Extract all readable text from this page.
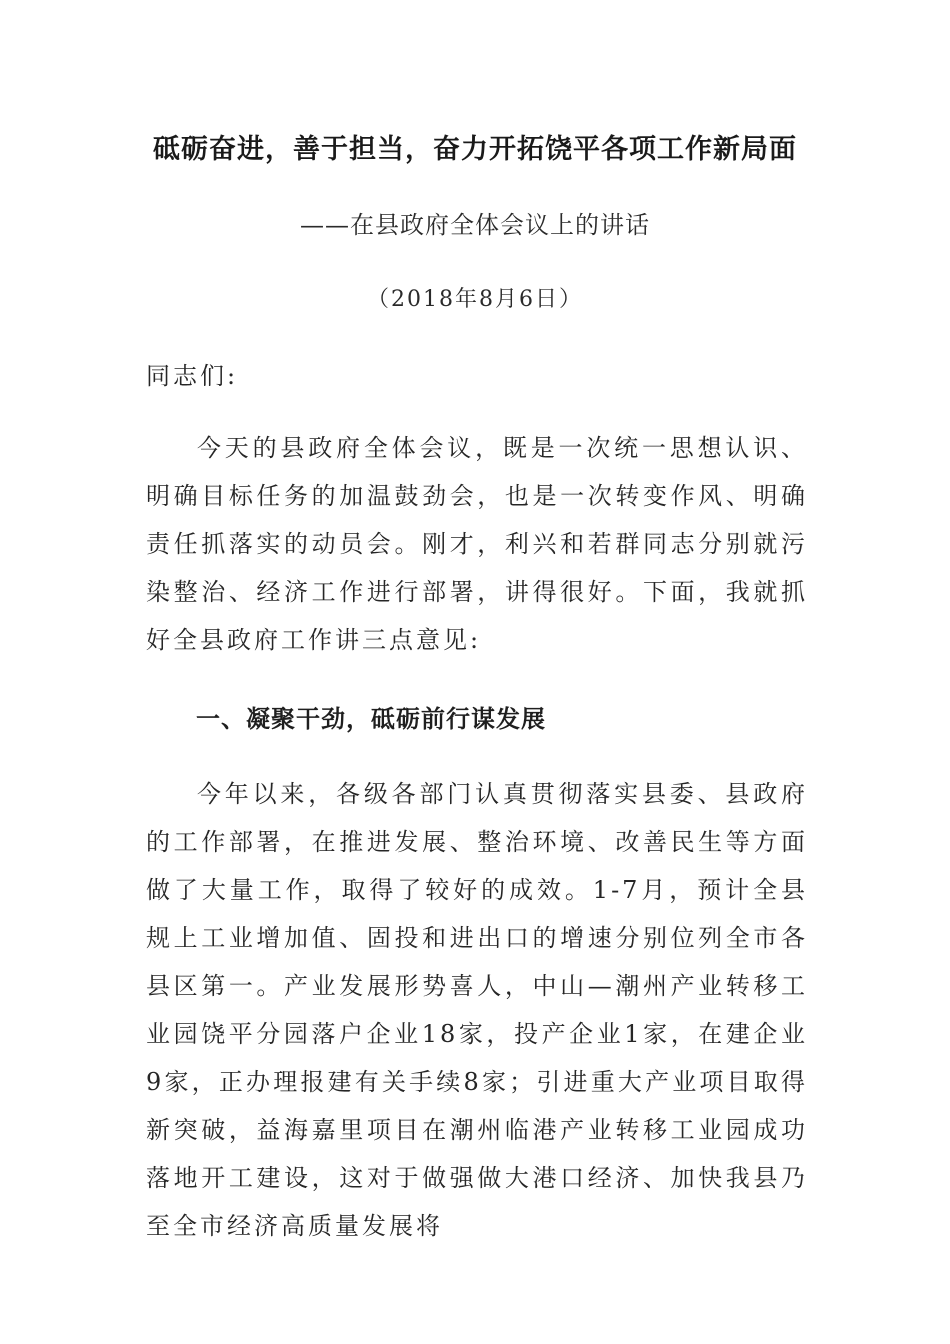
砥砺奋进，善于担当，奋力开拓饶平各项工作新局面
——在县政府全体会议上的讲话
（2018年8月6日）
同志们:
今天的县政府全体会议，既是一次统一思想认识、明确目标任务的加温鼓劲会，也是一次转变作风、明确责任抓落实的动员会。刚才，利兴和若群同志分别就污染整治、经济工作进行部署，讲得很好。下面，我就抓好全县政府工作讲三点意见:
一、凝聚干劲，砥砺前行谋发展
今年以来，各级各部门认真贯彻落实县委、县政府的工作部署，在推进发展、整治环境、改善民生等方面做了大量工作，取得了较好的成效。1-7月，预计全县规上工业增加值、固投和进出口的增速分别位列全市各县区第一。产业发展形势喜人，中山—潮州产业转移工业园饶平分园落户企业18家，投产企业1家，在建企业9家，正办理报建有关手续8家；引进重大产业项目取得新突破，益海嘉里项目在潮州临港产业转移工业园成功落地开工建设，这对于做强做大港口经济、加快我县乃至全市经济高质量发展将
